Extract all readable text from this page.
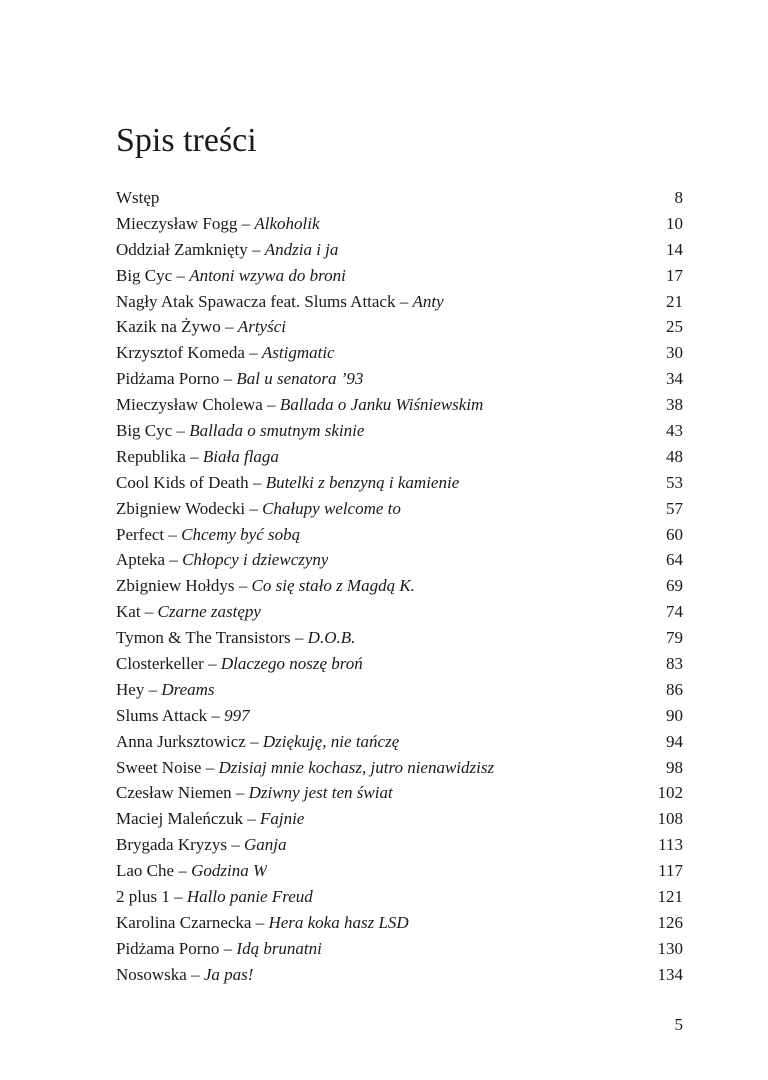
Spis treści
Wstęp	8
Mieczysław Fogg – Alkoholik	10
Oddział Zamknięty – Andzia i ja	14
Big Cyc – Antoni wzywa do broni	17
Nagły Atak Spawacza feat. Slums Attack – Anty	21
Kazik na Żywo – Artyści	25
Krzysztof Komeda – Astigmatic	30
Pidżama Porno – Bal u senatora ’93	34
Mieczysław Cholewa – Ballada o Janku Wiśniewskim	38
Big Cyc – Ballada o smutnym skinie	43
Republika – Biała flaga	48
Cool Kids of Death – Butelki z benzyną i kamienie	53
Zbigniew Wodecki – Chałupy welcome to	57
Perfect – Chcemy być sobą	60
Apteka – Chłopcy i dziewczyny	64
Zbigniew Hołdys – Co się stało z Magdą K.	69
Kat – Czarne zastępy	74
Tymon & The Transistors – D.O.B.	79
Closterkeller – Dlaczego noszę broń	83
Hey – Dreams	86
Slums Attack – 997	90
Anna Jurksztowicz – Dziękuję, nie tańczę	94
Sweet Noise – Dzisiaj mnie kochasz, jutro nienawidzisz	98
Czesław Niemen – Dziwny jest ten świat	102
Maciej Maleńczuk – Fajnie	108
Brygada Kryzys – Ganja	113
Lao Che – Godzina W	117
2 plus 1 – Hallo panie Freud	121
Karolina Czarnecka – Hera koka hasz LSD	126
Pidżama Porno – Idą brunatni	130
Nosowska – Ja pas!	134
5
